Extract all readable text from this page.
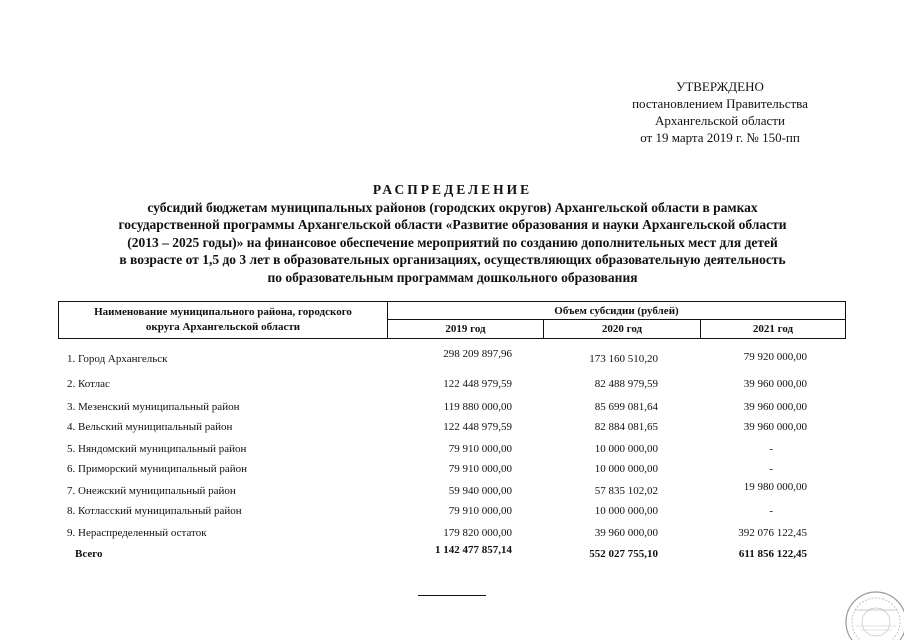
УТВЕРЖДЕНО
постановлением Правительства
Архангельской области
от 19 марта 2019 г. № 150-пп
РАСПРЕДЕЛЕНИЕ
субсидий бюджетам муниципальных районов (городских округов) Архангельской области в рамках
государственной программы Архангельской области «Развитие образования и науки Архангельской области
(2013 – 2025 годы)» на финансовое обеспечение мероприятий по созданию дополнительных мест для детей
в возрасте от 1,5 до 3 лет в образовательных организациях, осуществляющих образовательную деятельность
по образовательным программам дошкольного образования
Наименование муниципального района, городского
округа Архангельской области
Объем субсидии (рублей)
2019 год	2020 год	2021 год
1. Город Архангельск	298 209 897,96	173 160 510,20	79 920 000,00
2. Котлас	122 448 979,59	82 488 979,59	39 960 000,00
3. Мезенский муниципальный район	119 880 000,00	85 699 081,64	39 960 000,00
4. Вельский муниципальный район	122 448 979,59	82 884 081,65	39 960 000,00
5. Няндомский муниципальный район	79 910 000,00	10 000 000,00	-
6. Приморский муниципальный район	79 910 000,00	10 000 000,00	-
7. Онежский муниципальный район	59 940 000,00	57 835 102,02	19 980 000,00
8. Котласский муниципальный район	79 910 000,00	10 000 000,00	-
9. Нераспределенный остаток	179 820 000,00	39 960 000,00	392 076 122,45
Всего	1 142 477 857,14	552 027 755,10	611 856 122,45
